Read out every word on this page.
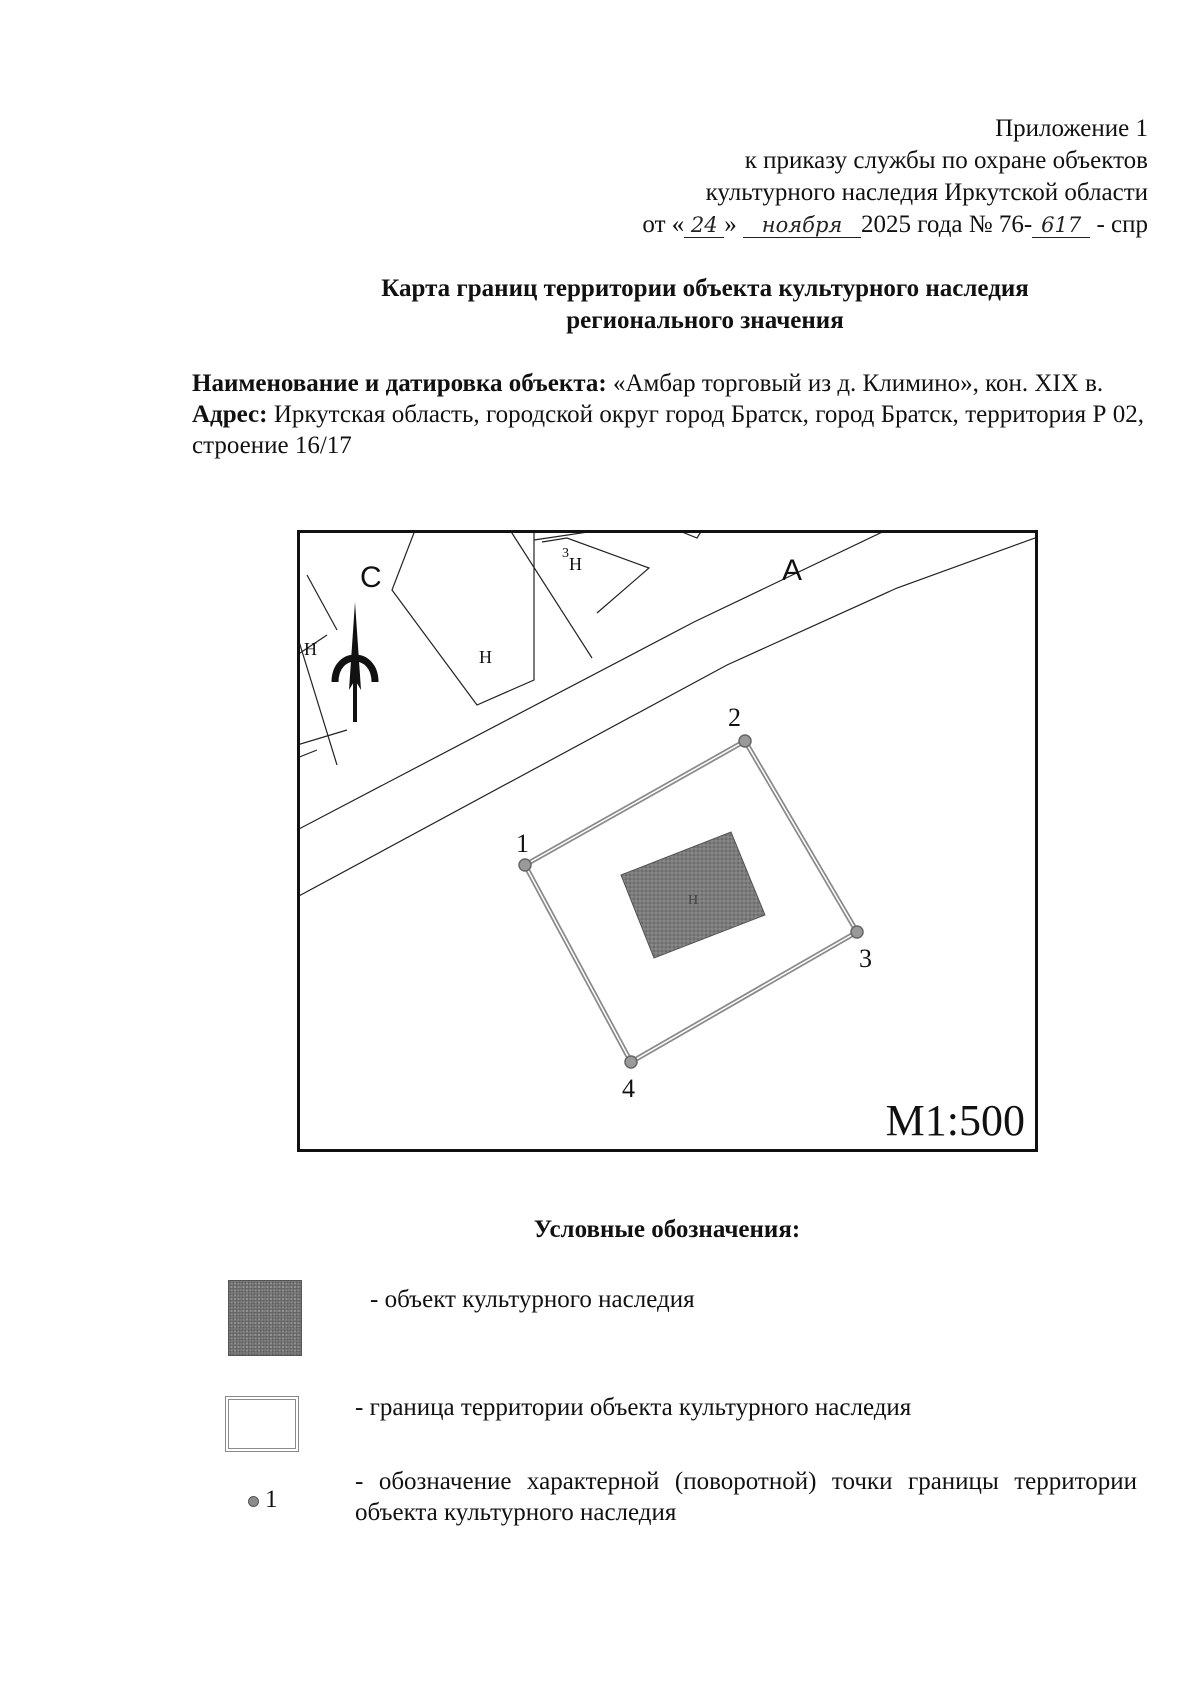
Приложение 1
к приказу службы по охране объектов
культурного наследия Иркутской области
от « 24 » ноября 2025 года № 76- 617 - спр
Карта границ территории объекта культурного наследия
регионального значения

Наименование и датировка объекта: «Амбар торговый из д. Климино», кон. XIX в.

Адрес: Иркутская область, городской округ город Братск, город Братск, территория Р 02, строение 16/17

С
Н	Н
Н
3
А
Н
1
2
3
4
М1:500
Условные обозначения:
- объект культурного наследия
- граница территории объекта культурного наследия
1
- обозначение характерной (поворотной) точки границы территории объекта культурного наследия
